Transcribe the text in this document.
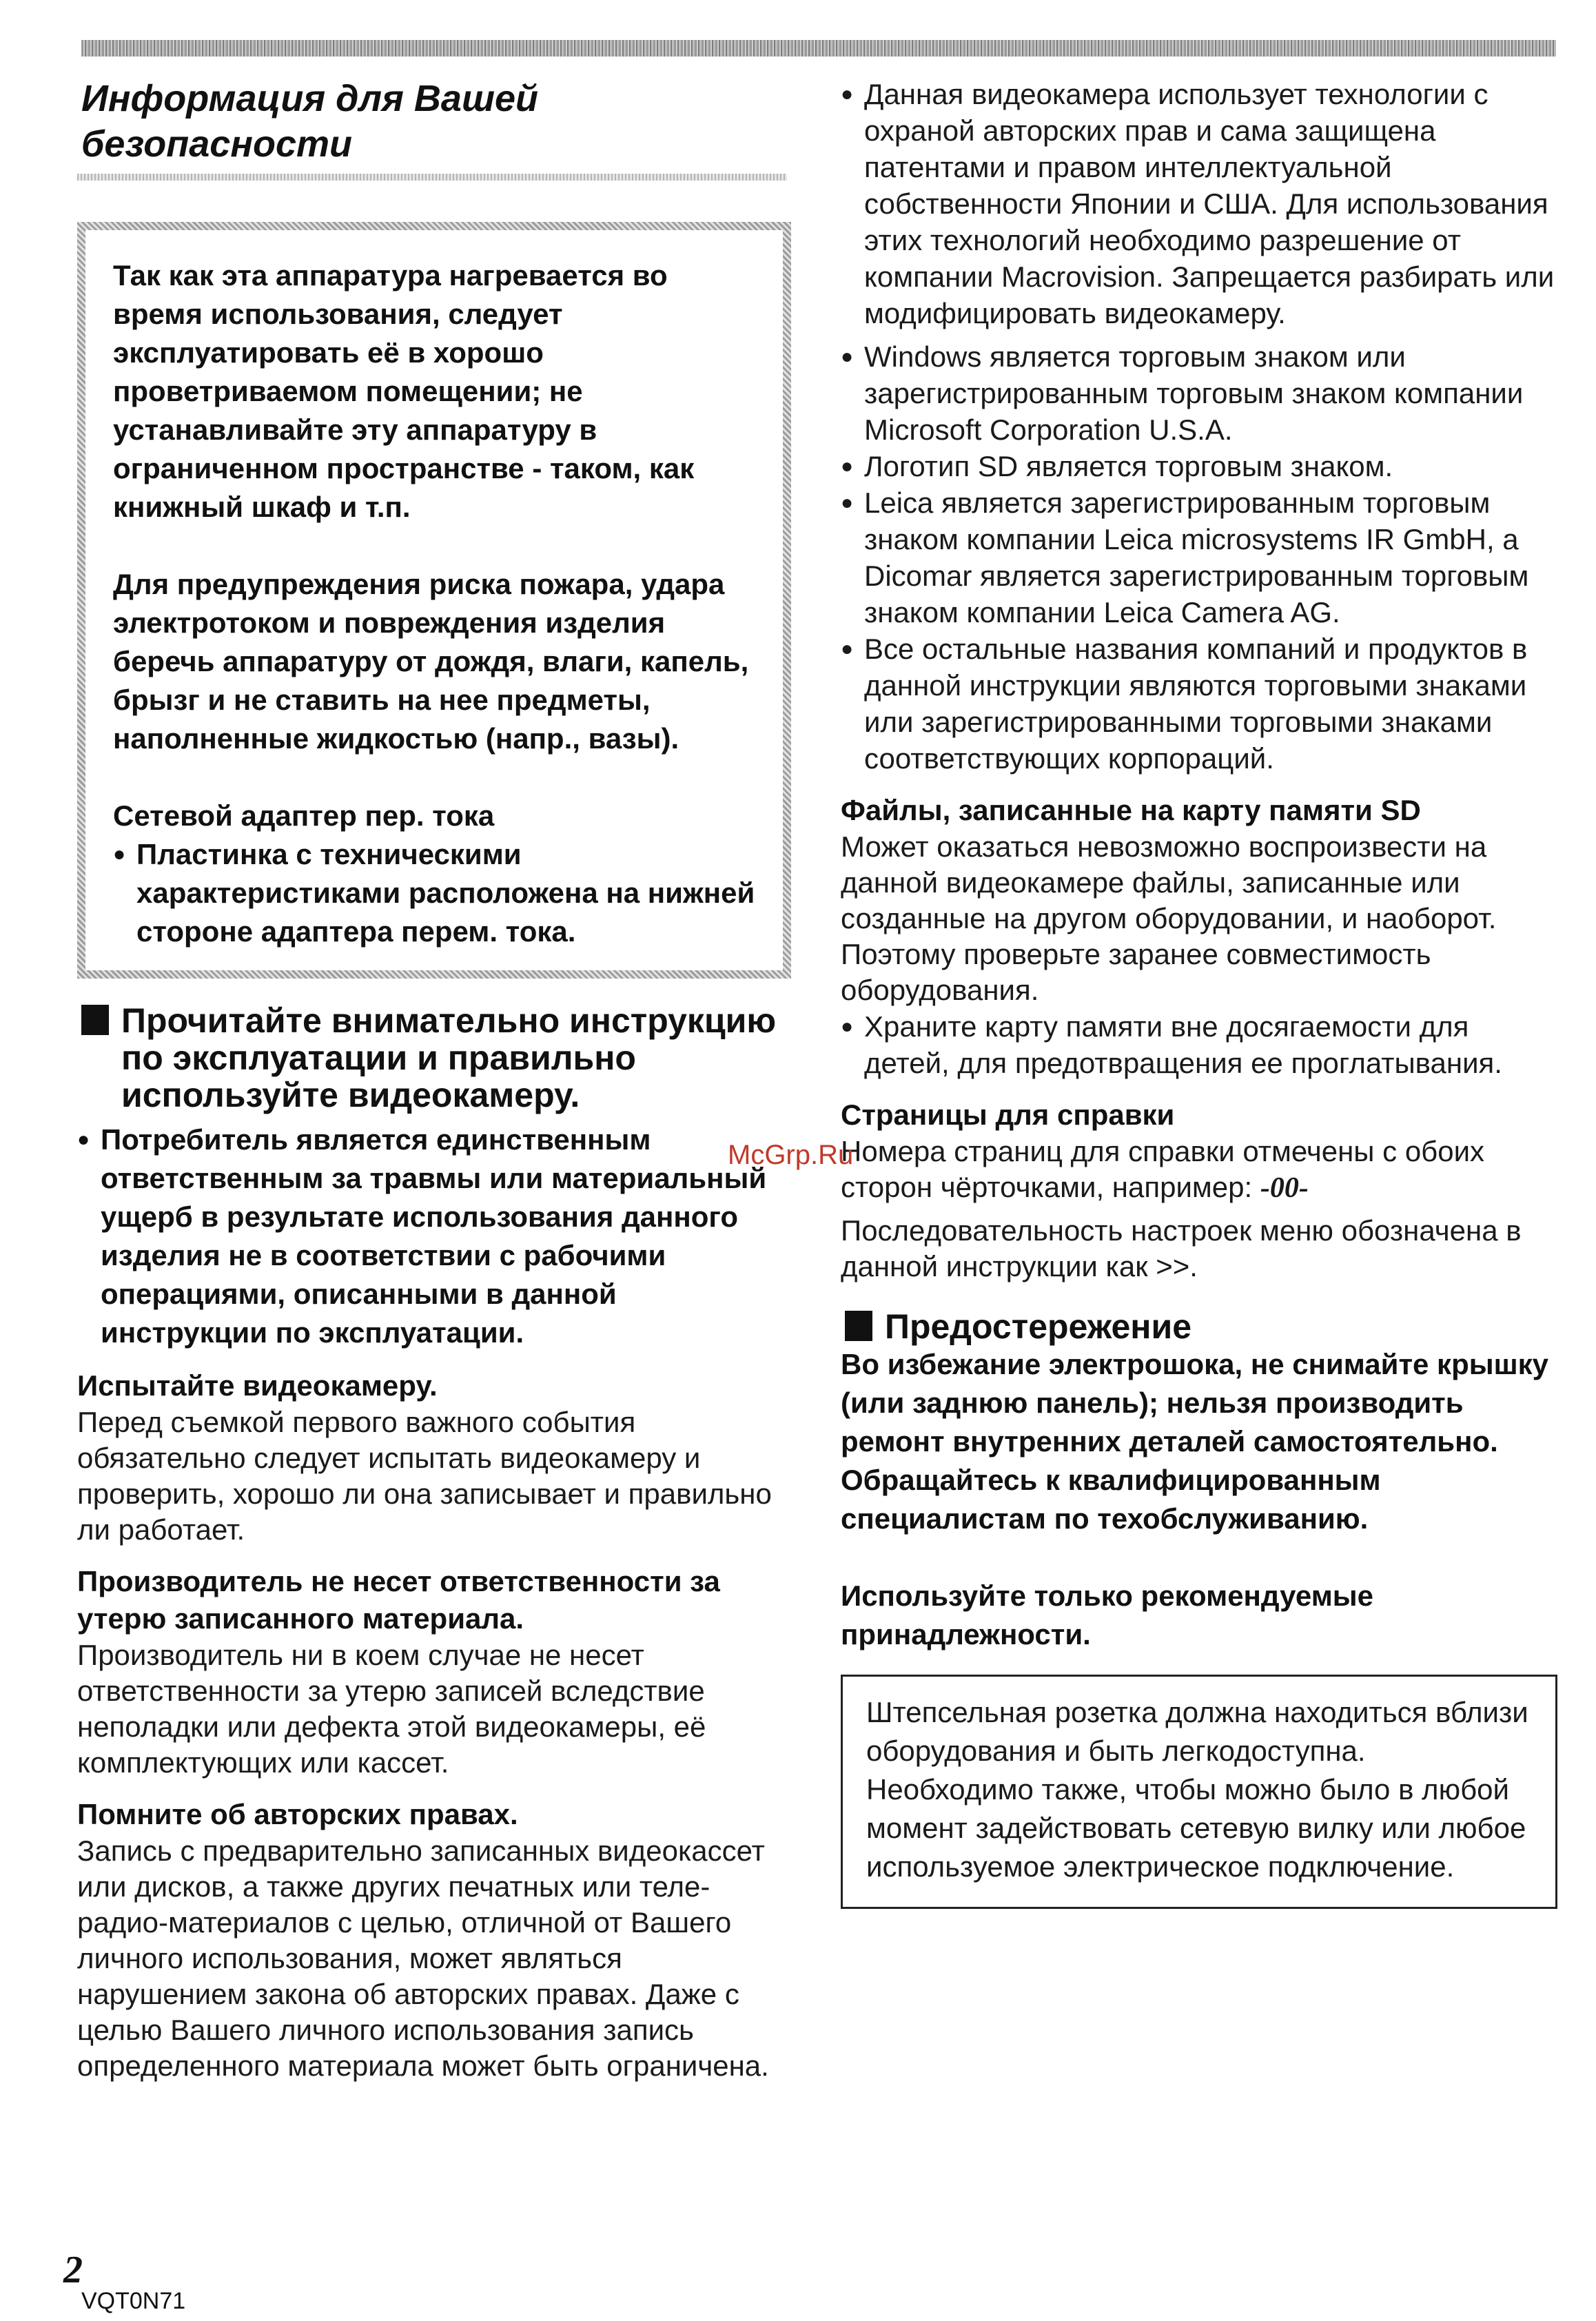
Информация для Вашей безопасности

Так как эта аппаратура нагревается во время использования, следует эксплуатировать её в хорошо проветриваемом помещении; не устанавливайте эту аппаратуру в ограниченном пространстве - таком, как книжный шкаф и т.п.

Для предупреждения риска пожара, удара электротоком и повреждения изделия беречь аппаратуру от дождя, влаги, капель, брызг и не ставить на нее предметы, наполненные жидкостью (напр., вазы).

Сетевой адаптер пер. тока

● Пластинка с техническими характеристиками расположена на нижней стороне адаптера перем. тока.
Прочитайте внимательно инструкцию по эксплуатации и правильно используйте видеокамеру.
● Потребитель является единственным ответственным за травмы или материальный ущерб в результате использования данного изделия не в соответствии с рабочими операциями, описанными в данной инструкции по эксплуатации.
Испытайте видеокамеру.
Перед съемкой первого важного события обязательно следует испытать видеокамеру и проверить, хорошо ли она записывает и правильно ли работает.
Производитель не несет ответственности за утерю записанного материала.
Производитель ни в коем случае не несет ответственности за утерю записей вследствие неполадки или дефекта этой видеокамеры, её комплектующих или кассет.
Помните об авторских правах.
Запись с предварительно записанных видеокассет или дисков, а также других печатных или теле-радио-материалов с целью, отличной от Вашего личного использования, может являться нарушением закона об авторских правах. Даже с целью Вашего личного использования запись определенного материала может быть ограничена.
● Данная видеокамера использует технологии с охраной авторских прав и сама защищена патентами и правом интеллектуальной собственности Японии и США. Для использования этих технологий необходимо разрешение от компании Macrovision. Запрещается разбирать или модифицировать видеокамеру.
● Windows является торговым знаком или зарегистрированным торговым знаком компании Microsoft Corporation U.S.A.
● Логотип SD является торговым знаком.
● Leica является зарегистрированным торговым знаком компании Leica microsystems IR GmbH, а Dicomar является зарегистрированным торговым знаком компании Leica Camera AG.
● Все остальные названия компаний и продуктов в данной инструкции являются торговыми знаками или зарегистрированными торговыми знаками соответствующих корпораций.
Файлы, записанные на карту памяти SD
Может оказаться невозможно воспроизвести на данной видеокамере файлы, записанные или созданные на другом оборудовании, и наоборот. Поэтому проверьте заранее совместимость оборудования.
● Храните карту памяти вне досягаемости для детей, для предотвращения ее проглатывания.
Страницы для справки
Номера страниц для справки отмечены с обоих сторон чёрточками, например: -00-
Последовательность настроек меню обозначена в данной инструкции как >>.
Предостережение
Во избежание электрошока, не снимайте крышку (или заднюю панель); нельзя производить ремонт внутренних деталей самостоятельно.
Обращайтесь к квалифицированным специалистам по техобслуживанию.
Используйте только рекомендуемые принадлежности.

Штепсельная розетка должна находиться вблизи оборудования и быть легкодоступна. Необходимо также, чтобы можно было в любой момент задействовать сетевую вилку или любое используемое электрическое подключение.

McGrp.Ru
2
VQT0N71
